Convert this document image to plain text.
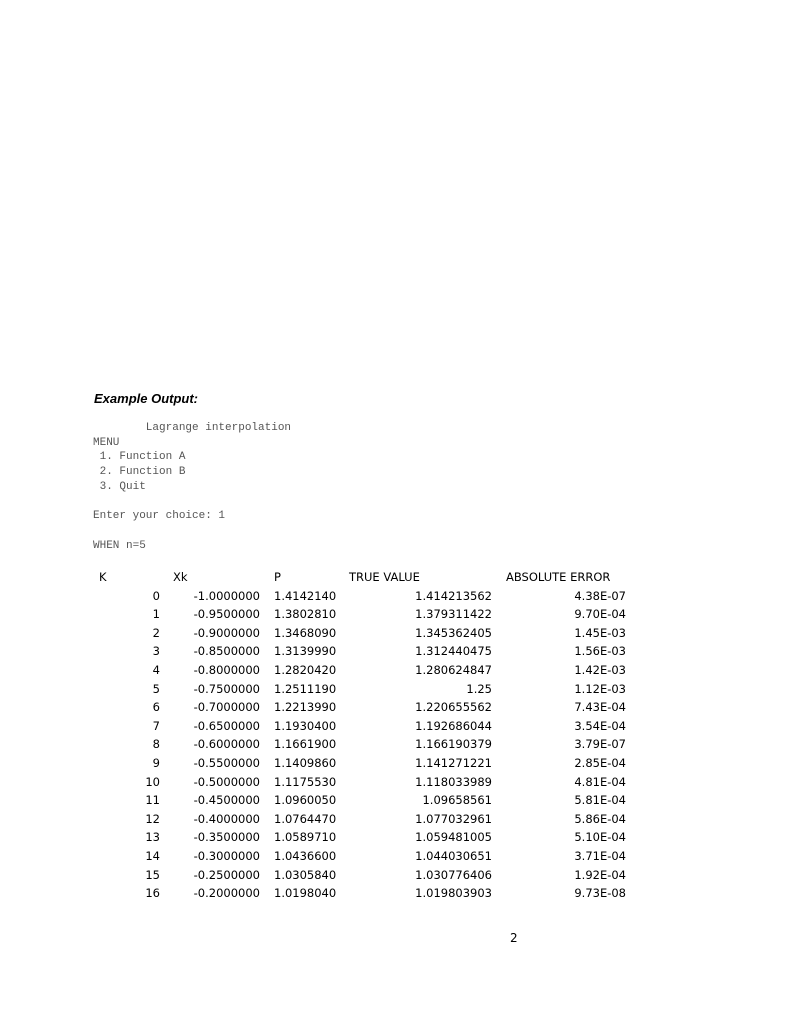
Example Output:
Lagrange interpolation
MENU
1. Function A
2. Function B
3. Quit
Enter your choice: 1
WHEN n=5
K	Xk	P	TRUE VALUE	ABSOLUTE ERROR
0	-1.0000000 1.4142140	1.414213562	4.38E-07
1	-0.9500000 1.3802810	1.379311422	9.70E-04
2	-0.9000000 1.3468090	1.345362405	1.45E-03
3	-0.8500000 1.3139990	1.312440475	1.56E-03
4	-0.8000000 1.2820420	1.280624847	1.42E-03
5	-0.7500000 1.2511190	1.25	1.12E-03
6	-0.7000000 1.2213990	1.220655562	7.43E-04
7	-0.6500000 1.1930400	1.192686044	3.54E-04
8	-0.6000000 1.1661900	1.166190379	3.79E-07
9	-0.5500000 1.1409860	1.141271221	2.85E-04
10	-0.5000000 1.1175530	1.118033989	4.81E-04
11	-0.4500000 1.0960050	1.09658561	5.81E-04
12	-0.4000000 1.0764470	1.077032961	5.86E-04
13	-0.3500000 1.0589710	1.059481005	5.10E-04
14	-0.3000000 1.0436600	1.044030651	3.71E-04
15	-0.2500000 1.0305840	1.030776406	1.92E-04
16	-0.2000000 1.0198040	1.019803903	9.73E-08
2
